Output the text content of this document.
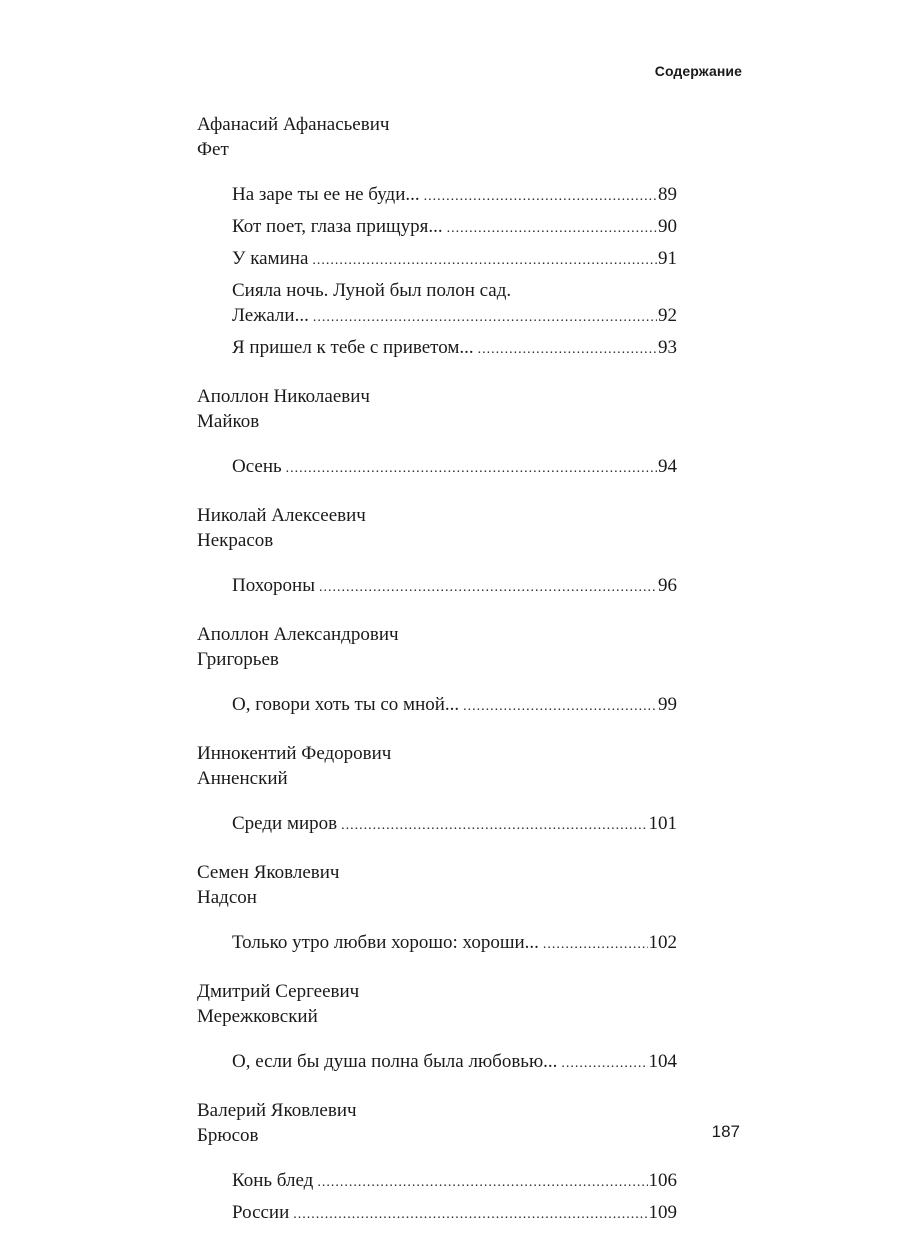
Содержание
Афанасий Афанасьевич
Фет
На заре ты ее не буди... .....	89
Кот поет, глаза прищуря... .....	90
У камина .....	91
Сияла ночь. Луной был полон сад.
Лежали... .....	92
Я пришел к тебе с приветом... .....	93
Аполлон Николаевич
Майков
Осень .....	94
Николай Алексеевич
Некрасов
Похороны .....	96
Аполлон Александрович
Григорьев
О, говори хоть ты со мной... .....	99
Иннокентий Федорович
Анненский
Среди миров .....	101
Семен Яковлевич
Надсон
Только утро любви хорошо: хороши... .....	102
Дмитрий Сергеевич
Мережковский
О, если бы душа полна была любовью... .....	104
Валерий Яковлевич
Брюсов
Конь блед .....	106
России .....	109
187
